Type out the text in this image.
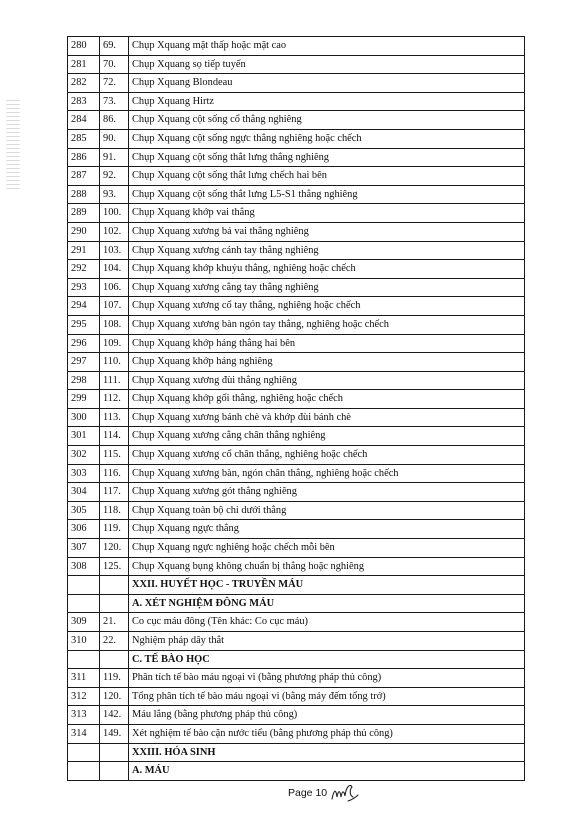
280	69.	Chụp Xquang mặt thấp hoặc mặt cao
281	70.	Chụp Xquang sọ tiếp tuyến
282	72.	Chụp Xquang Blondeau
283	73.	Chụp Xquang Hirtz
284	86.	Chụp Xquang cột sống cổ thẳng nghiêng
285	90.	Chụp Xquang cột sống ngực thẳng nghiêng hoặc chếch
286	91.	Chụp Xquang cột sống thắt lưng thẳng nghiêng
287	92.	Chụp Xquang cột sống thắt lưng chếch hai bên
288	93.	Chụp Xquang cột sống thắt lưng L5-S1 thẳng nghiêng
289	100.	Chụp Xquang khớp vai thẳng
290	102.	Chụp Xquang xương bả vai thẳng nghiêng
291	103.	Chụp Xquang xương cánh tay thẳng nghiêng
292	104.	Chụp Xquang khớp khuỷu thẳng, nghiêng hoặc chếch
293	106.	Chụp Xquang xương cẳng tay thẳng nghiêng
294	107.	Chụp Xquang xương cổ tay thẳng, nghiêng hoặc chếch
295	108.	Chụp Xquang xương bàn ngón tay thẳng, nghiêng hoặc chếch
296	109.	Chụp Xquang khớp háng thẳng hai bên
297	110.	Chụp Xquang khớp háng nghiêng
298	111.	Chụp Xquang xương đùi thẳng nghiêng
299	112.	Chụp Xquang khớp gối thẳng, nghiêng hoặc chếch
300	113.	Chụp Xquang xương bánh chè và khớp đùi bánh chè
301	114.	Chụp Xquang xương cẳng chân thẳng nghiêng
302	115.	Chụp Xquang xương cổ chân thẳng, nghiêng hoặc chếch
303	116.	Chụp Xquang xương bàn, ngón chân thẳng, nghiêng hoặc chếch
304	117.	Chụp Xquang xương gót thẳng nghiêng
305	118.	Chụp Xquang toàn bộ chi dưới thẳng
306	119.	Chụp Xquang ngực thẳng
307	120.	Chụp Xquang ngực nghiêng hoặc chếch mỗi bên
308	125.	Chụp Xquang bụng không chuẩn bị thẳng hoặc nghiêng
		XXII. HUYẾT HỌC - TRUYỀN MÁU
		A. XÉT NGHIỆM ĐÔNG MÁU
309	21.	Co cục máu đông (Tên khác: Co cục máu)
310	22.	Nghiệm pháp dây thắt
		C. TẾ BÀO HỌC
311	119.	Phân tích tế bào máu ngoại vi (bằng phương pháp thủ công)
312	120.	Tổng phân tích tế bào máu ngoại vi (bằng máy đếm tổng trở)
313	142.	Máu lắng (bằng phương pháp thủ công)
314	149.	Xét nghiệm tế bào cặn nước tiểu (bằng phương pháp thủ công)
		XXIII. HÓA SINH
		A. MÁU
Page 10
